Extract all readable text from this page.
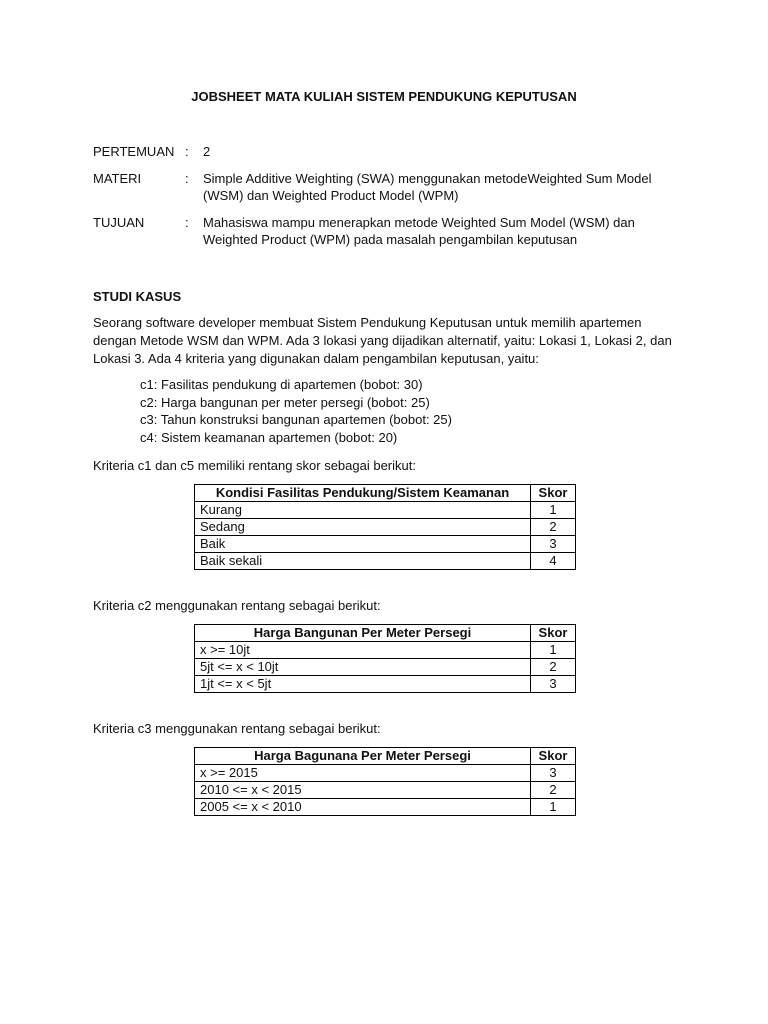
JOBSHEET MATA KULIAH SISTEM PENDUKUNG KEPUTUSAN
PERTEMUAN : 2
MATERI	: Simple Additive Weighting (SWA) menggunakan metodeWeighted Sum Model (WSM) dan Weighted Product Model (WPM)
TUJUAN	: Mahasiswa mampu menerapkan metode Weighted Sum Model (WSM) dan Weighted Product (WPM) pada masalah pengambilan keputusan
STUDI KASUS
Seorang software developer membuat Sistem Pendukung Keputusan untuk memilih apartemen dengan Metode WSM dan WPM. Ada 3 lokasi yang dijadikan alternatif, yaitu: Lokasi 1, Lokasi 2, dan Lokasi 3. Ada 4 kriteria yang digunakan dalam pengambilan keputusan, yaitu:
c1: Fasilitas pendukung di apartemen (bobot: 30)
c2: Harga bangunan per meter persegi (bobot: 25)
c3: Tahun konstruksi bangunan apartemen (bobot: 25)
c4: Sistem keamanan apartemen (bobot: 20)
Kriteria c1 dan c5 memiliki rentang skor sebagai berikut:
Kondisi Fasilitas Pendukung/Sistem Keamanan	Skor
Kurang	1
Sedang	2
Baik	3
Baik sekali	4
Kriteria c2 menggunakan rentang sebagai berikut:
Harga Bangunan Per Meter Persegi	Skor
x >= 10jt	1
5jt <= x < 10jt	2
1jt <= x < 5jt	3
Kriteria c3 menggunakan rentang sebagai berikut:
Harga Bagunana Per Meter Persegi	Skor
x >= 2015	3
2010 <= x < 2015	2
2005 <= x < 2010	1
